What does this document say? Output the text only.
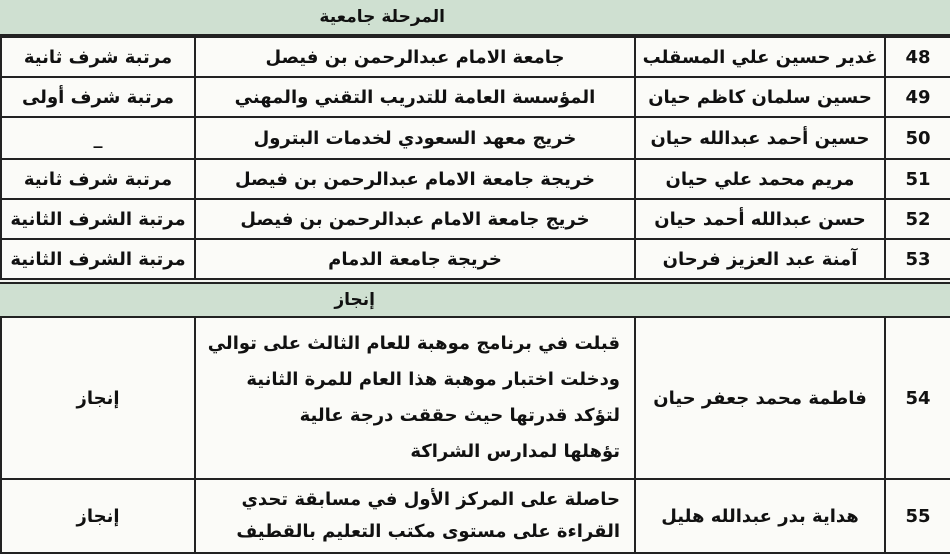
المرحلة جامعية
48	غدير حسين علي المسقلب	جامعة الامام عبدالرحمن بن فيصل	مرتبة شرف ثانية
49	حسين سلمان كاظم حيان	المؤسسة العامة للتدريب التقني والمهني	مرتبة شرف أولى
50	حسين أحمد عبدالله حيان	خريج معهد السعودي لخدمات البترول	_
51	مريم محمد علي حيان	خريجة جامعة الامام عبدالرحمن بن فيصل	مرتبة شرف ثانية
52	حسن عبدالله أحمد حيان	خريج جامعة الامام عبدالرحمن بن فيصل	مرتبة الشرف الثانية
53	آمنة عبد العزيز فرحان	خريجة جامعة الدمام	مرتبة الشرف الثانية
إنجاز
54	فاطمة محمد جعفر حيان	قبلت في برنامج موهبة للعام الثالث على توالي
ودخلت اختبار موهبة هذا العام للمرة الثانية
لتؤكد قدرتها حيث حققت درجة عالية
تؤهلها لمدارس الشراكة	إنجاز
55	هداية بدر عبدالله هليل	حاصلة على المركز الأول في مسابقة تحدي
القراءة على مستوى مكتب التعليم بالقطيف	إنجاز
